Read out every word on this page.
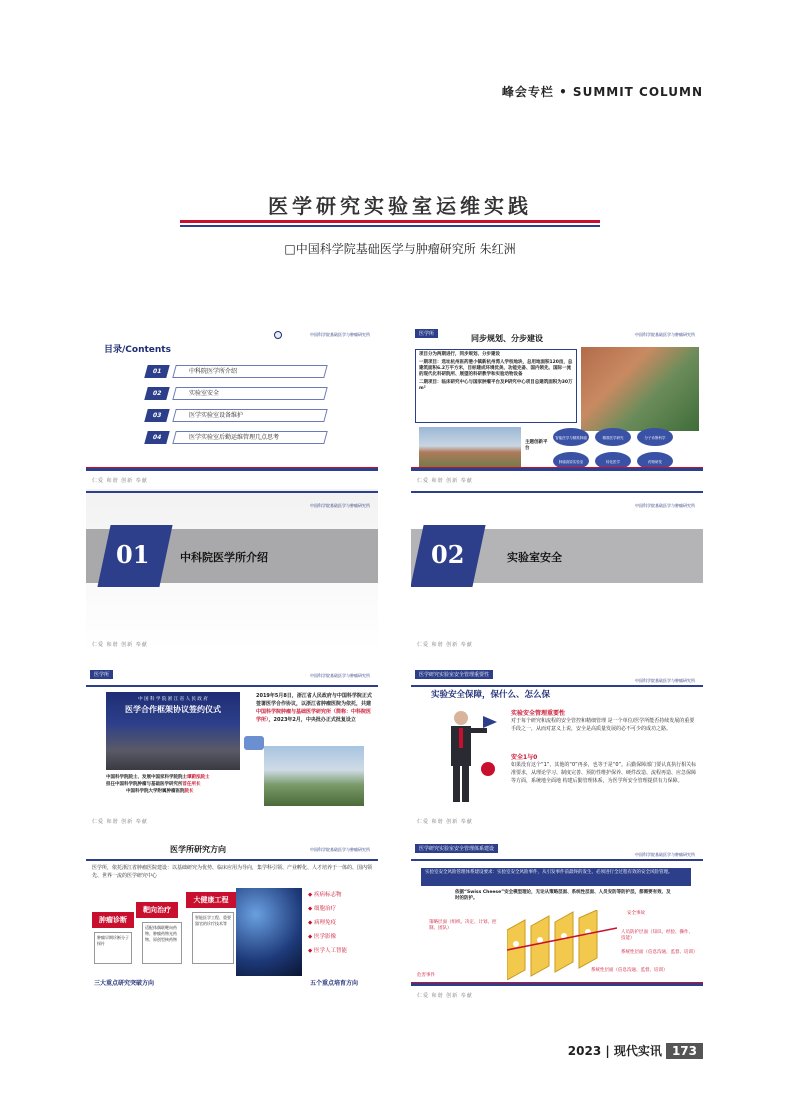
峰会专栏 • SUMMIT COLUMN
医学研究实验室运维实践
□中国科学院基础医学与肿瘤研究所 朱红洲
中国科学院基础医学与肿瘤研究所
目录/Contents
01	中科院医学所介绍
02	实验室安全
03	医学实验室设备维护
04	医学实验室后勤运维管理几点思考
仁爱 和谐 创新 奉献
医学所	中国科学院基础医学与肿瘤研究所
同步规划、分步建设
项目分为两期进行，同步规划、分步建设
一期项目：选址杭州医药港小镇新杭州湾人学校地块，总用地面积120亩，总建筑面积6.2万平方米，目标建成环境优美、功能完备、国内领先、国际一流的现代化科研院所、展望的科研教学和实验动物设备
二期项目：临床研究中心与国家肿瘤平台及P研究中心项目总建筑面积为30万m²
主题创新平台
智能医学与精准肿瘤	精准医学研究	分子诊断科学
肿瘤高原实验室	转化医学	药物研发
仁爱 和谐 创新 奉献
中国科学院基础医学与肿瘤研究所
01	中科院医学所介绍
仁爱 和谐 创新 奉献
中国科学院基础医学与肿瘤研究所
02	实验室安全
仁爱 和谐 创新 奉献
医学所	中国科学院基础医学与肿瘤研究所
中 国 科 学 院 浙 江 省 人 民 政 府
医学合作框架协议签约仪式
2019年5月8日，浙江省人民政府与中国科学院正式签署医学合作协议，以浙江省肿瘤医院为依托，共建中国科学院肿瘤与基础医学研究所（简称：中科院医学所），2023年2月，中央批办正式批复设立
中国科学院院士、发展中国家科学院院士谭蔚泓院士
担任中国科学院肿瘤与基础医学研究所首任所长
中国科学院大学附属肿瘤医院院长
仁爱 和谐 创新 奉献
医学研究实验室安全管理重要性
中国科学院基础医学与肿瘤研究所
实验安全保障，保什么、怎么保
实验安全管理重要性
对于每个研究和流程的安全管控和精细管理 是一个单位/医学所能否持续发展的重要手段之一，从而对意义上说，安全是高质量发展的必不可少的成功之路。
安全1与0
如果没有这个“1”，其他的“0”再多，也等于是“0”。后勤保障部门要认真执行相关标准要求，从理论学习、制度完善、预防性维护保养、硬件改造、流程再造、应急保障等方面，系统地全面地 构建后勤管理体系，为医学所安全管理提供有力保障。
仁爱 和谐 创新 奉献
中国科学院基础医学与肿瘤研究所
医学所研究方向
医学所，依托浙江省肿瘤医院建设：以基础研究为优势、临床应用为导向，集学科引领、产业孵化、人才培养于一体的、国内领先、世界一流的医学研究中心
肿瘤诊断
靶向治疗
大健康工程
肿瘤早期诊断分子探针
适配体偶联靶向药物、肿瘤药物光药物、原创型核药物
智能医学工程、重要器官的诊疗技术等
◆ 疾病标志物
◆ 细胞治疗
◆ 病理免疫
◆ 医学影像
◆ 医学人工智能
三大重点研究突破方向	五个重点培育方向
医学研究实验室安全管理体系建设
中国科学院基础医学与肿瘤研究所
实验室安全风险管理体系建设要求：实验室安全风险事件，从引发事件前最终的发生、必须进行全过程有效的安全风险管理。
依据“Swiss Cheese”安全模型理论，无论从策略层面、系统性层面、人员安防等防护层，都需要有效、及时的防护。
策略层面（组织、决定、计划、控制、团队）
危害事件
安全事故
人员防护层面（知识、经验、操作、技能）
系统性层面（信息沟通、监督、培训）
系统性层面（信息沟通、监督、培训）
仁爱 和谐 创新 奉献
2023 | 现代实讯 173
